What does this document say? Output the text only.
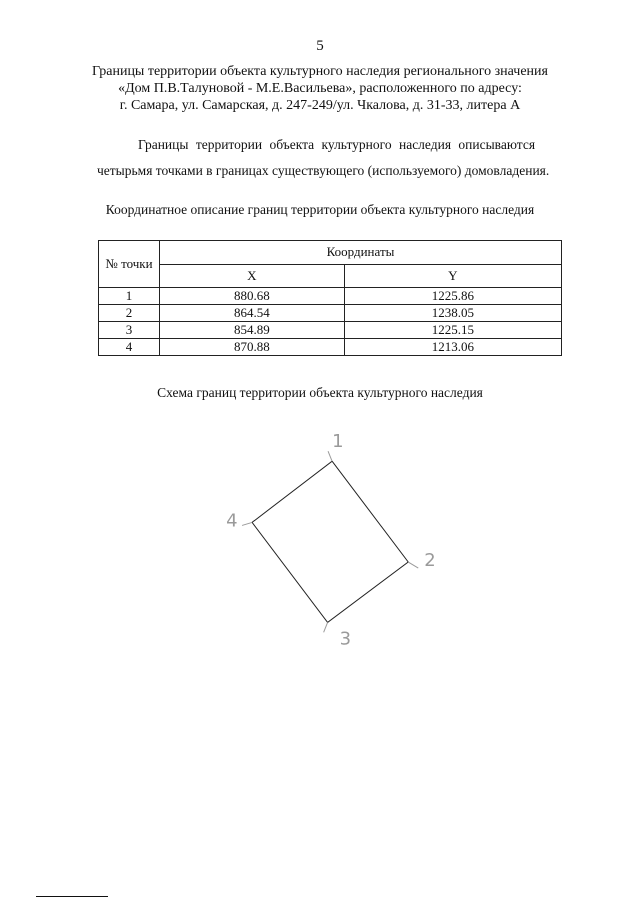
5
Границы территории объекта культурного наследия регионального значения
«Дом П.В.Талуновой - М.Е.Васильева», расположенного по адресу:
г. Самара, ул. Самарская, д. 247-249/ул. Чкалова, д. 31-33, литера А
Границы территории объекта культурного наследия описываются
четырьмя точками в границах существующего (используемого) домовладения.
Координатное описание границ территории объекта культурного наследия
№ точки	Координаты	
	X	Y
1	880.68	1225.86
2	864.54	1238.05
3	854.89	1225.15
4	870.88	1213.06
Схема границ территории объекта культурного наследия
1
2
3
4
